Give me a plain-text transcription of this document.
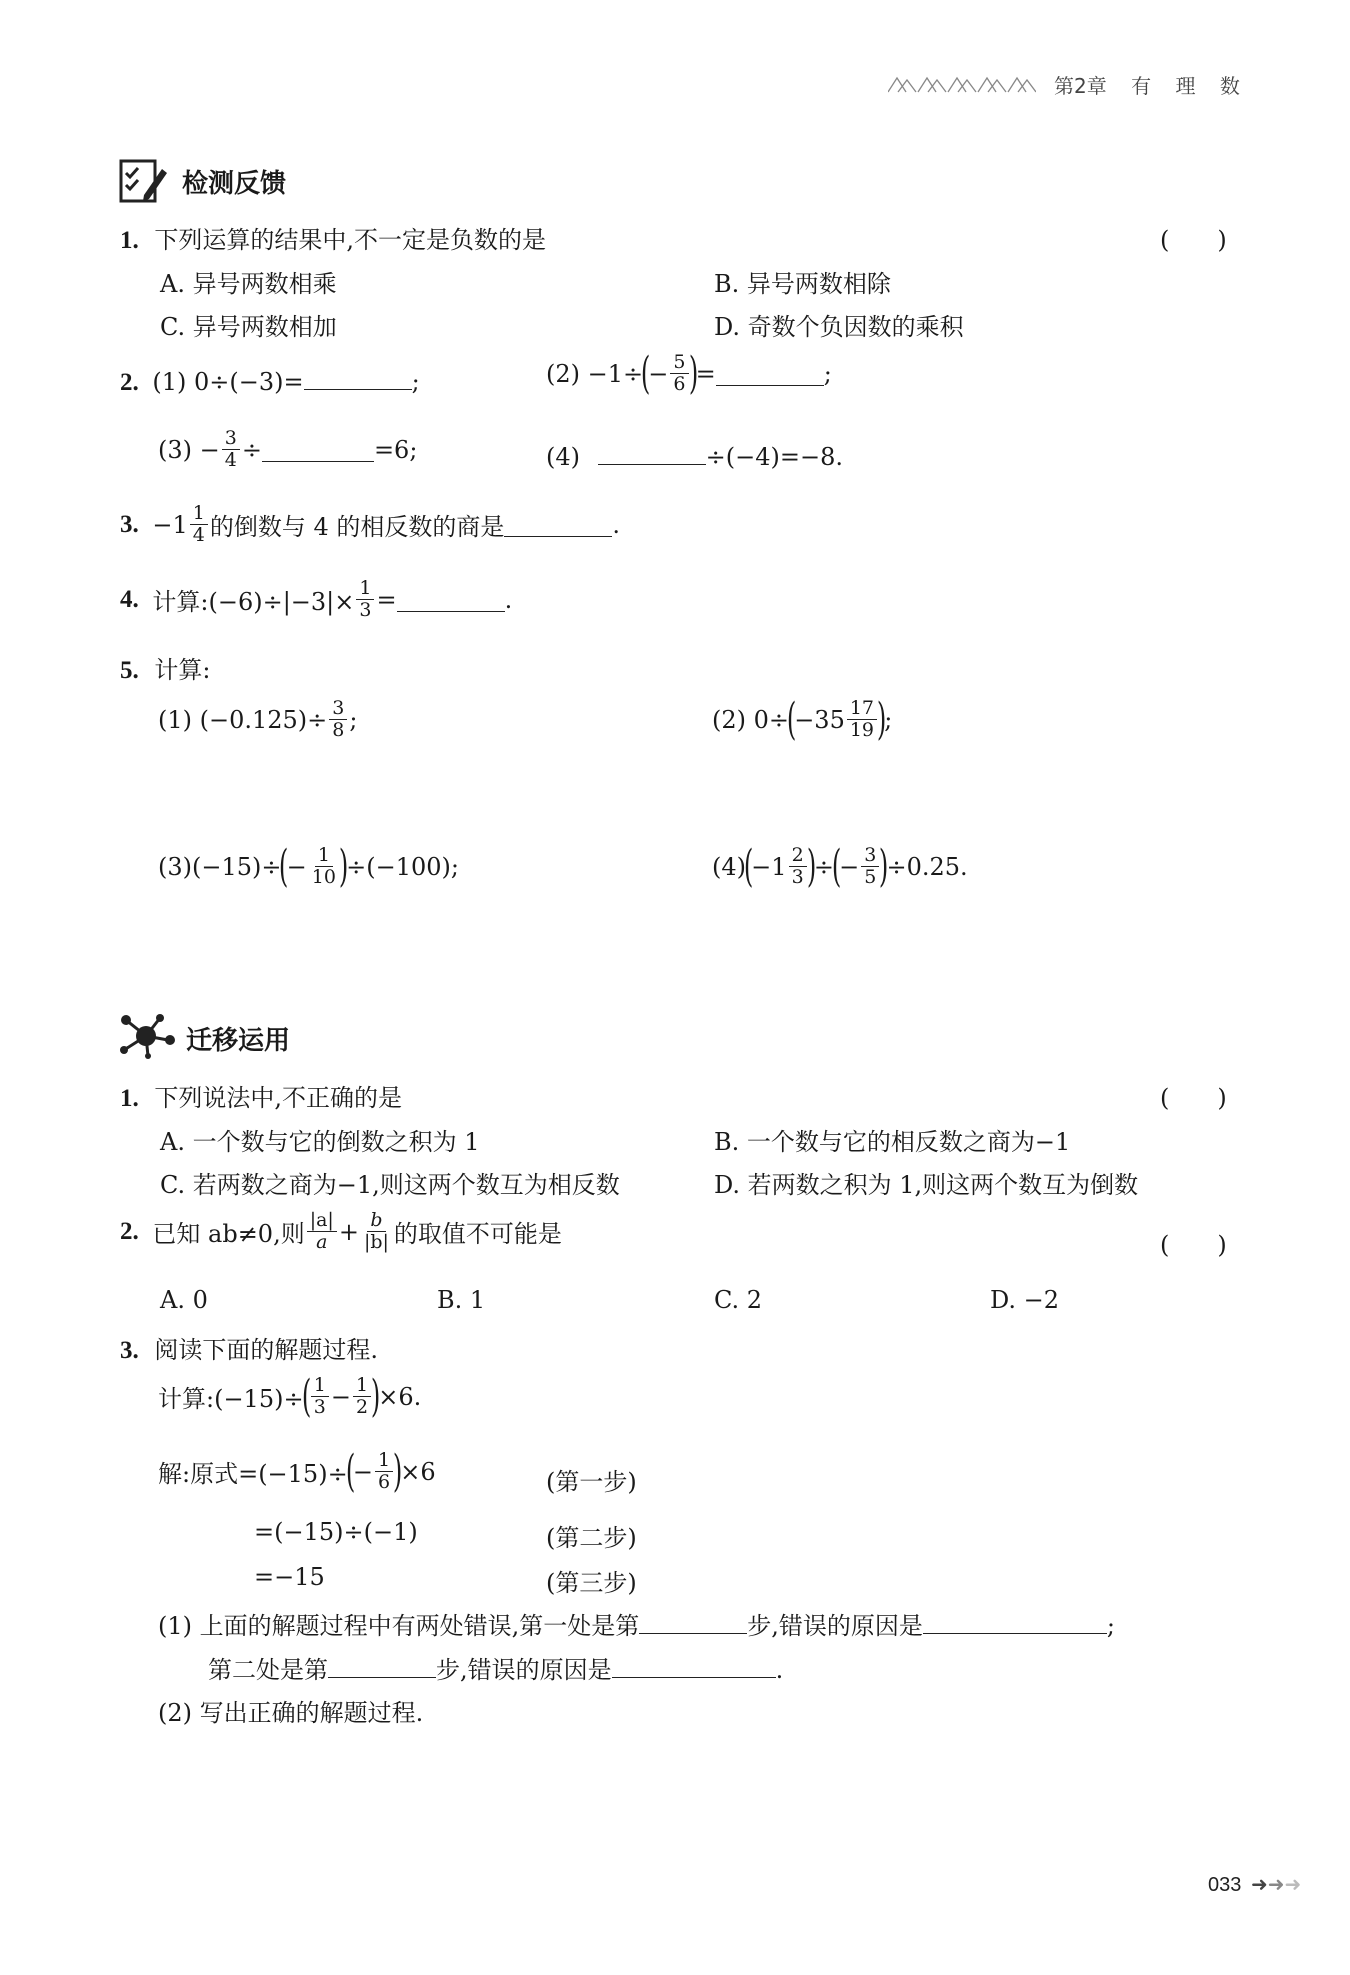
第2章 有 理 数
检测反馈
1. 下列运算的结果中,不一定是负数的是	(　　)
A. 异号两数相乘	B. 异号两数相除
C. 异号两数相加	D. 奇数个负因数的乘积
2. (1) 0÷(−3)=	;	$(2) -1\div(- \frac{5}{6}$ )=	;
$(3) - \frac{3}{4}$ ÷	=6;	(4)	÷(−4)=−8.
3. $-1 \frac{1}{4}$ 的倒数与 4 的相反数的商是	.
4. 计算:(−6)÷|−3|× $\frac{1}{3}$ =	.
5. 计算:
(1) $(-0.125)\div \frac{3}{8}$ ;	(2) $0\div(-35 \frac{17}{19}$ );
$(3)(-15)\div(- \frac{1}{10} )\div(-100)$;	$(4)(-1 \frac{2}{3}$ )÷(− $\frac{3}{5} )\div 0.25$.
迁移运用
1. 下列说法中,不正确的是	(　　)
A. 一个数与它的倒数之积为 1	B. 一个数与它的相反数之商为−1
C. 若两数之商为−1,则这两个数互为相反数	D. 若两数之积为 1,则这两个数互为倒数
2. 已知 ab≠0,则 $\frac{|a|}{a} + \frac{b}{|b|}$ 的取值不可能是	(　　)
A. 0	B. 1	C. 2	D. −2
3. 阅读下面的解题过程.
计算:(−15)÷( $\frac{1}{3} - \frac{1}{2} )\times 6$.
解:原式$=(-15)\div(- \frac{1}{6} )\times 6$	(第一步)
=(−15)÷(−1)	(第二步)
=−15	(第三步)
(1) 上面的解题过程中有两处错误,第一处是第	步,错误的原因是	;
第二处是第	步,错误的原因是	.
(2) 写出正确的解题过程.
033 ➜➜➜
